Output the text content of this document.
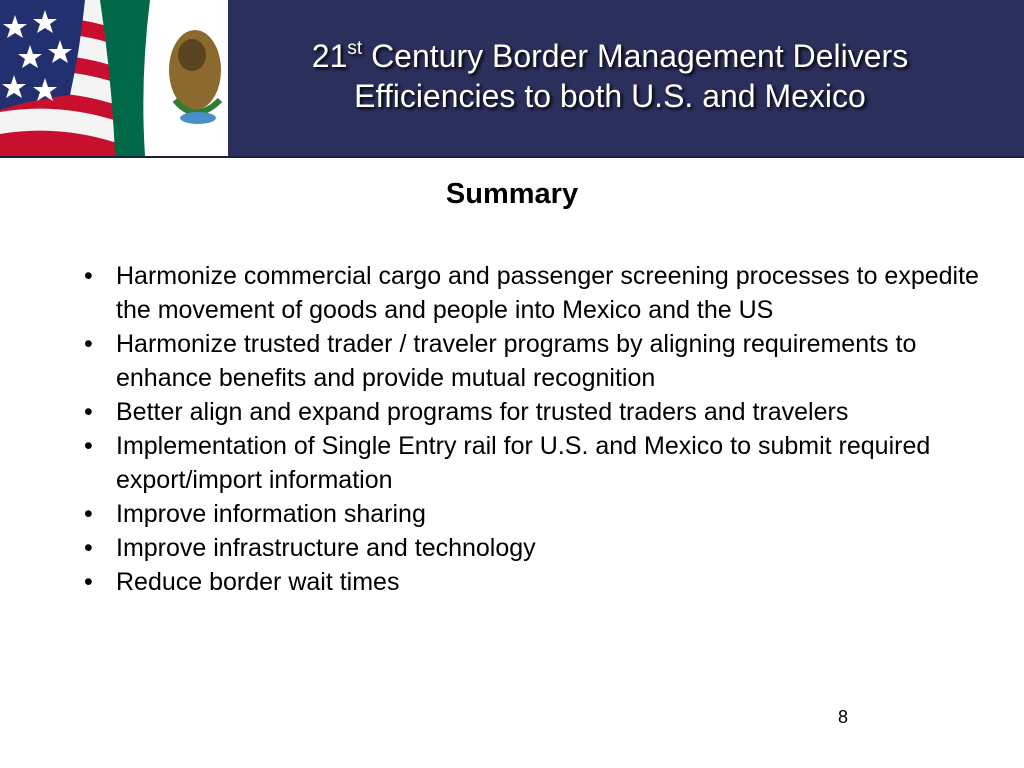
21st Century Border Management Delivers
Efficiencies to both U.S. and Mexico
Summary
• Harmonize commercial cargo and passenger screening processes to expedite the movement of goods and people into Mexico and the US
• Harmonize trusted trader / traveler programs by aligning requirements to enhance benefits and provide mutual recognition
• Better align and expand programs for trusted traders and travelers
• Implementation of Single Entry rail for U.S. and Mexico to submit required export/import information
• Improve information sharing
• Improve infrastructure and technology
• Reduce border wait times
8
